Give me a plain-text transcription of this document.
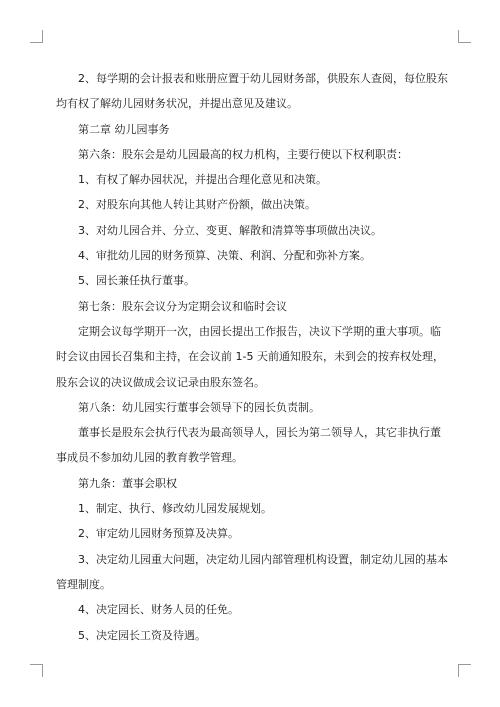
2、每学期的会计报表和账册应置于幼儿园财务部，供股东人查阅，每位股东均有权了解幼儿园财务状况，并提出意见及建议。

第二章 幼儿园事务

第六条：股东会是幼儿园最高的权力机构，主要行使以下权利职责：

1、有权了解办园状况，并提出合理化意见和决策。

2、对股东向其他人转让其财产份额，做出决策。

3、对幼儿园合并、分立、变更、解散和清算等事项做出决议。

4、审批幼儿园的财务预算、决策、利润、分配和弥补方案。

5、园长兼任执行董事。

第七条：股东会议分为定期会议和临时会议

定期会议每学期开一次，由园长提出工作报告，决议下学期的重大事项。临时会议由园长召集和主持，在会议前 1-5 天前通知股东，未到会的按弃权处理，股东会议的决议做成会议记录由股东签名。

第八条：幼儿园实行董事会领导下的园长负责制。

董事长是股东会执行代表为最高领导人，园长为第二领导人，其它非执行董事成员不参加幼儿园的教育教学管理。

第九条：董事会职权

1、制定、执行、修改幼儿园发展规划。

2、审定幼儿园财务预算及决算。

3、决定幼儿园重大问题，决定幼儿园内部管理机构设置，制定幼儿园的基本管理制度。

4、决定园长、财务人员的任免。

5、决定园长工资及待遇。
